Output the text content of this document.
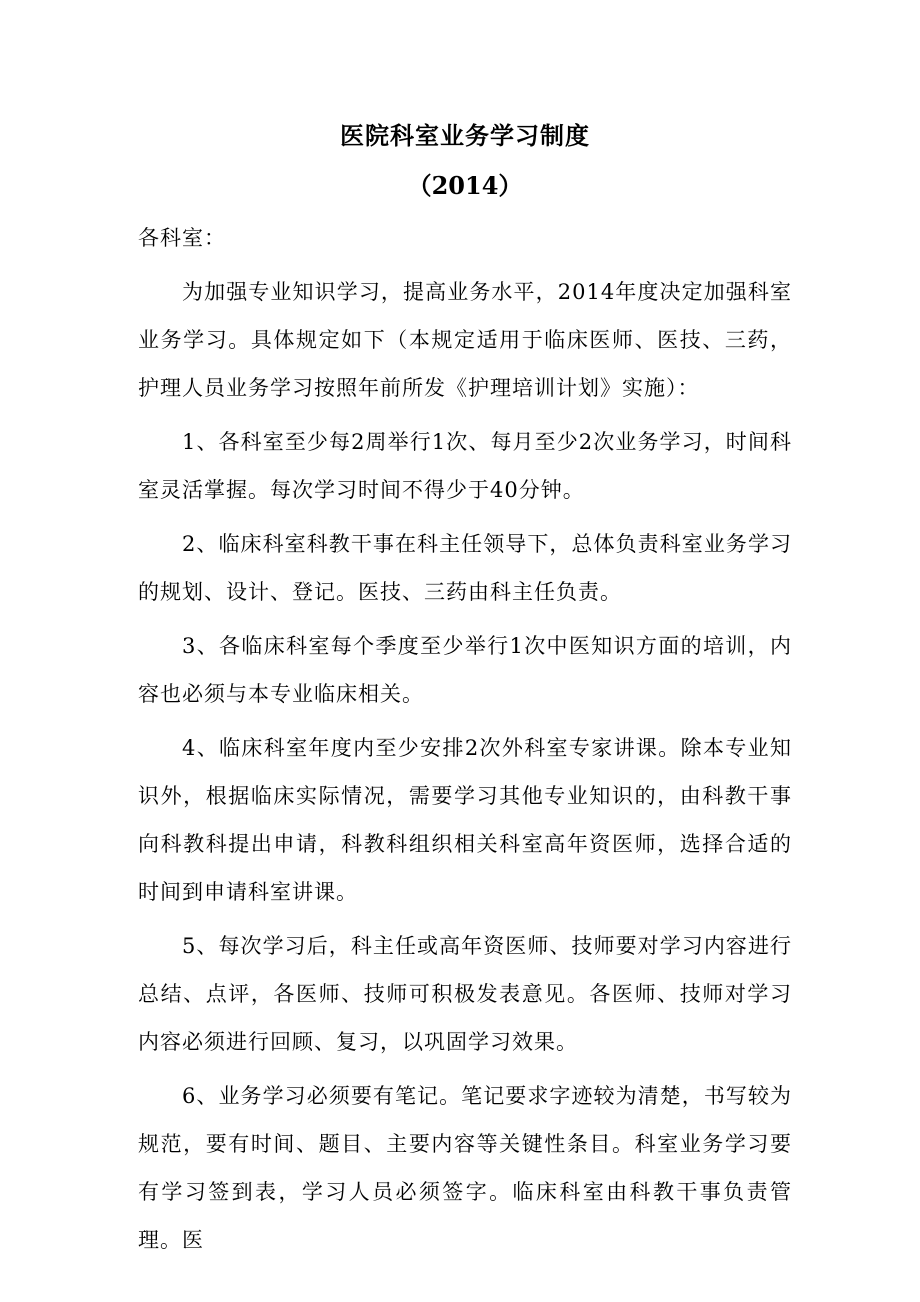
医院科室业务学习制度
（2014）

各科室：

为加强专业知识学习，提高业务水平，2014年度决定加强科室业务学习。具体规定如下（本规定适用于临床医师、医技、三药，护理人员业务学习按照年前所发《护理培训计划》实施）：

1、各科室至少每2周举行1次、每月至少2次业务学习，时间科室灵活掌握。每次学习时间不得少于40分钟。

2、临床科室科教干事在科主任领导下，总体负责科室业务学习的规划、设计、登记。医技、三药由科主任负责。

3、各临床科室每个季度至少举行1次中医知识方面的培训，内容也必须与本专业临床相关。

4、临床科室年度内至少安排2次外科室专家讲课。除本专业知识外，根据临床实际情况，需要学习其他专业知识的，由科教干事向科教科提出申请，科教科组织相关科室高年资医师，选择合适的时间到申请科室讲课。

5、每次学习后，科主任或高年资医师、技师要对学习内容进行总结、点评，各医师、技师可积极发表意见。各医师、技师对学习内容必须进行回顾、复习，以巩固学习效果。

6、业务学习必须要有笔记。笔记要求字迹较为清楚，书写较为规范，要有时间、题目、主要内容等关键性条目。科室业务学习要有学习签到表，学习人员必须签字。临床科室由科教干事负责管理。医
